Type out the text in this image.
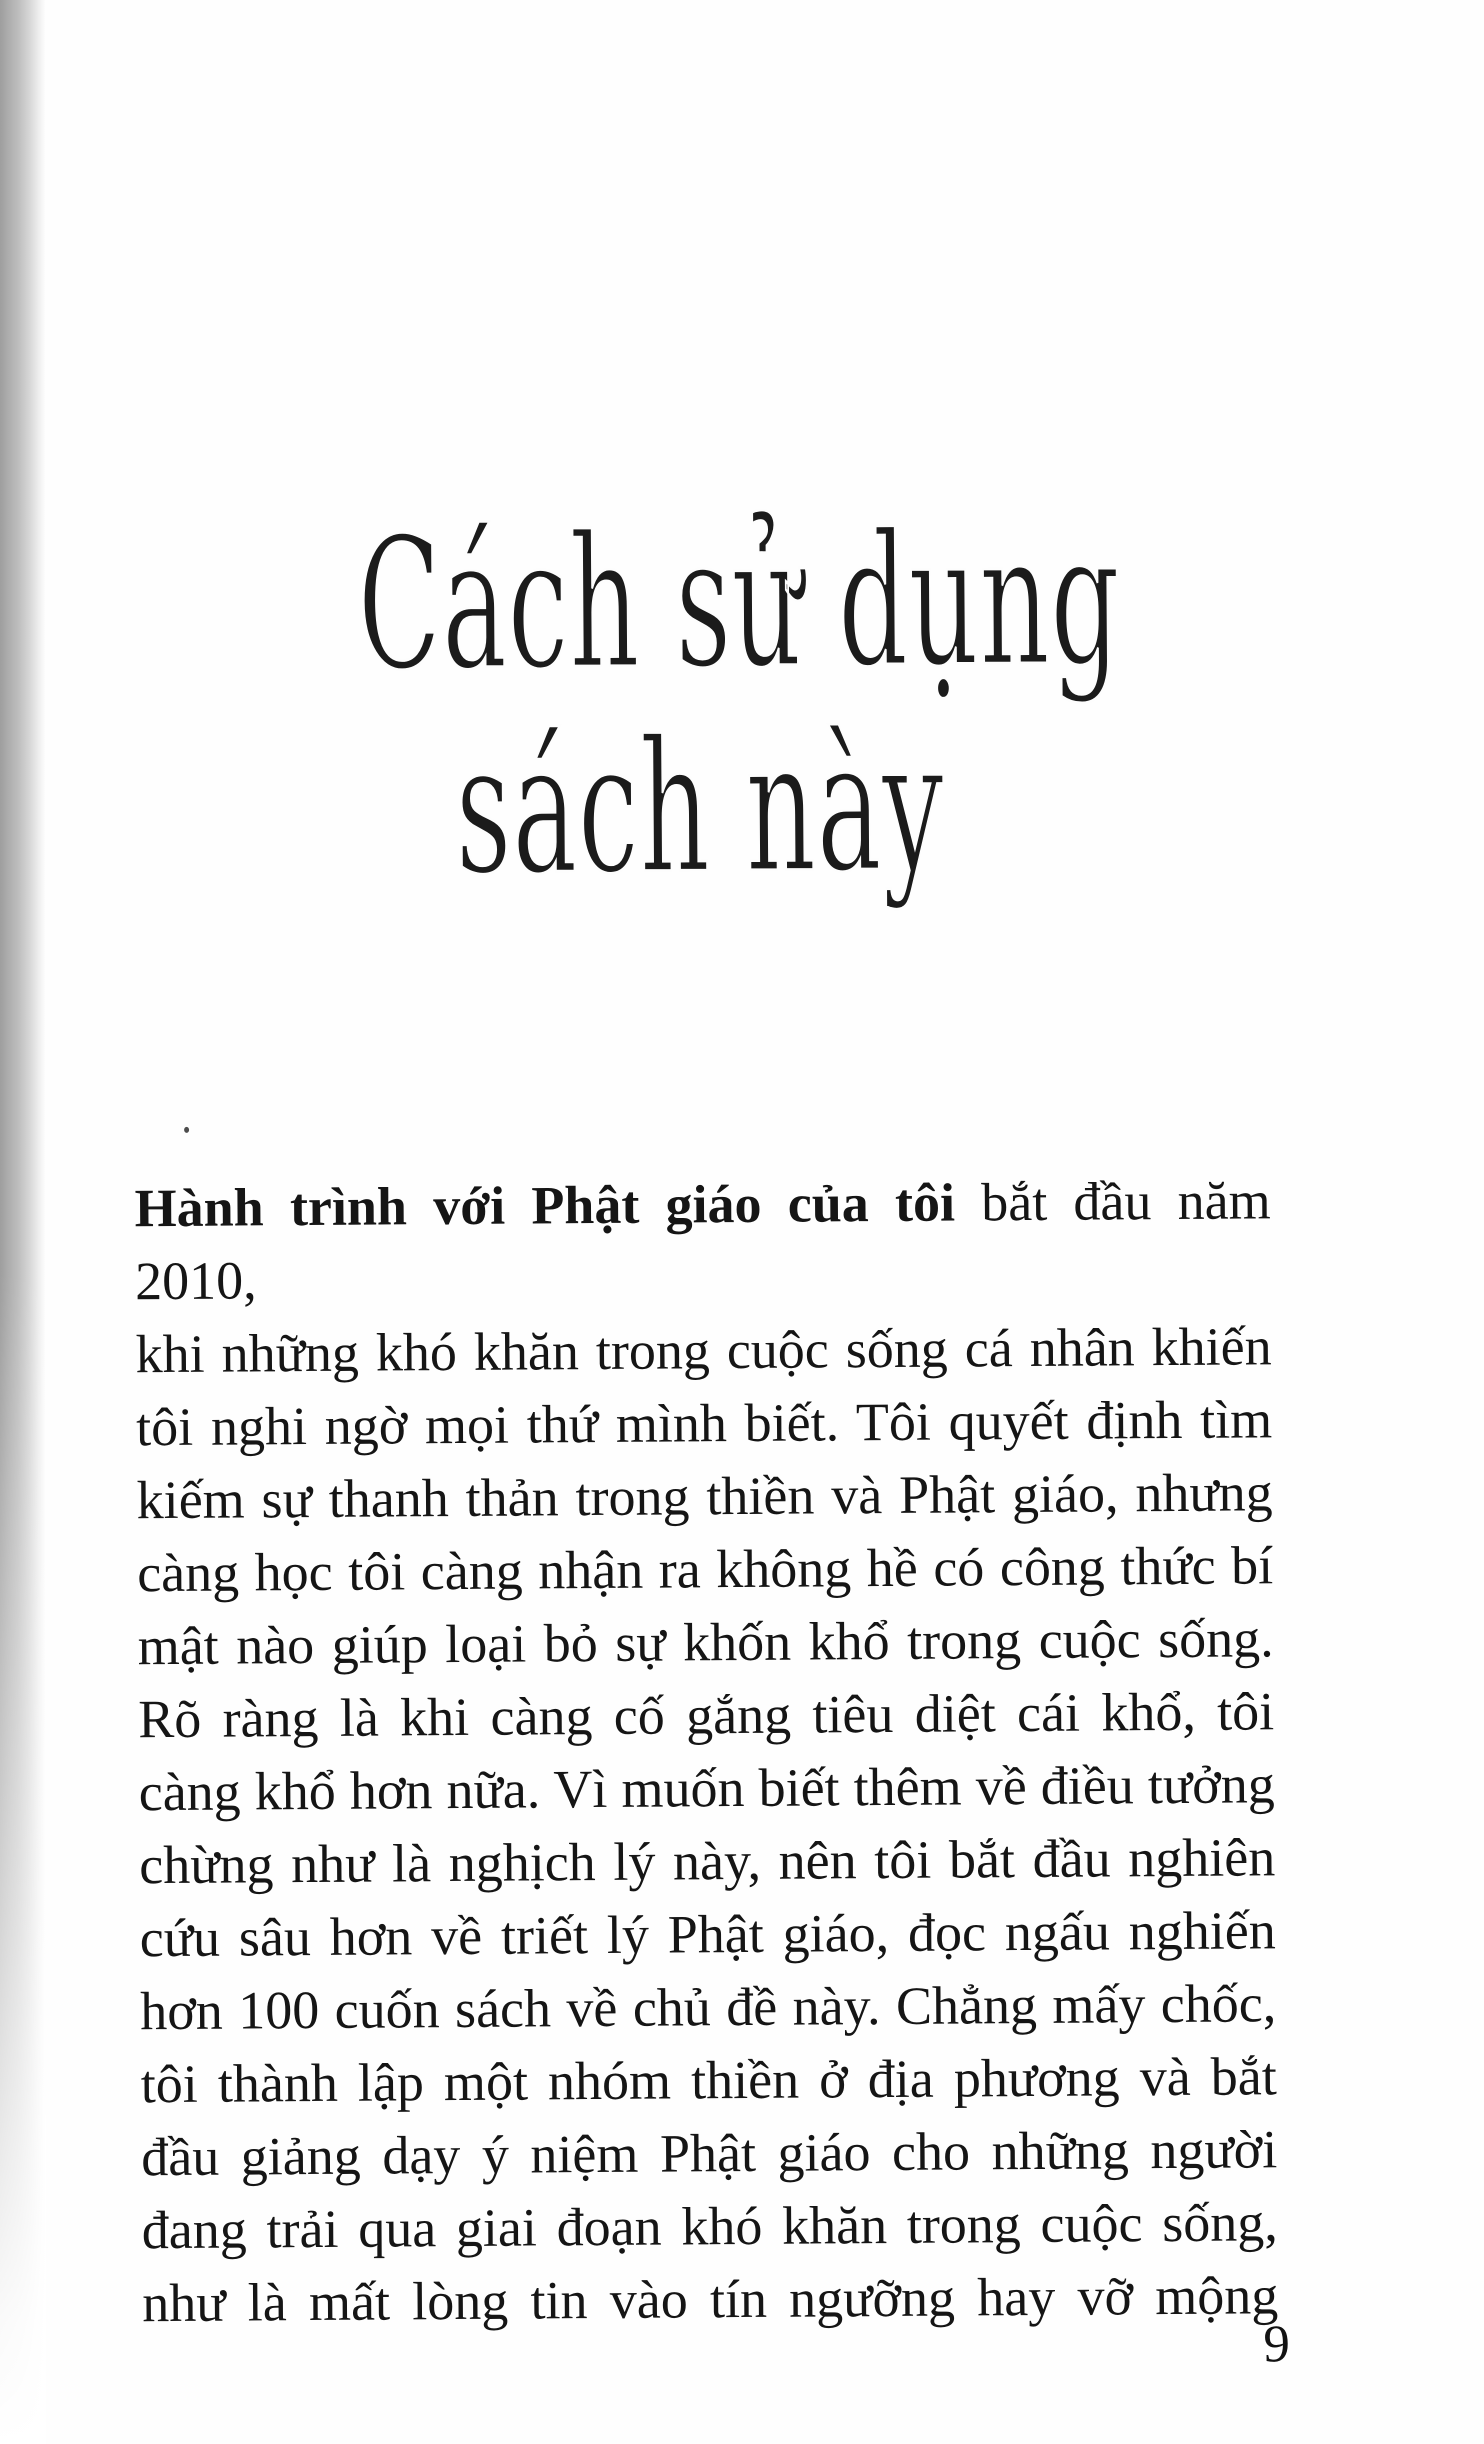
Cách sử dụng
sách này
Hành trình với Phật giáo của tôi bắt đầu năm 2010,
khi những khó khăn trong cuộc sống cá nhân khiến
tôi nghi ngờ mọi thứ mình biết. Tôi quyết định tìm
kiếm sự thanh thản trong thiền và Phật giáo, nhưng
càng học tôi càng nhận ra không hề có công thức bí
mật nào giúp loại bỏ sự khốn khổ trong cuộc sống.
Rõ ràng là khi càng cố gắng tiêu diệt cái khổ, tôi
càng khổ hơn nữa. Vì muốn biết thêm về điều tưởng
chừng như là nghịch lý này, nên tôi bắt đầu nghiên
cứu sâu hơn về triết lý Phật giáo, đọc ngấu nghiến
hơn 100 cuốn sách về chủ đề này. Chẳng mấy chốc,
tôi thành lập một nhóm thiền ở địa phương và bắt
đầu giảng dạy ý niệm Phật giáo cho những người
đang trải qua giai đoạn khó khăn trong cuộc sống,
như là mất lòng tin vào tín ngưỡng hay vỡ mộng
9
